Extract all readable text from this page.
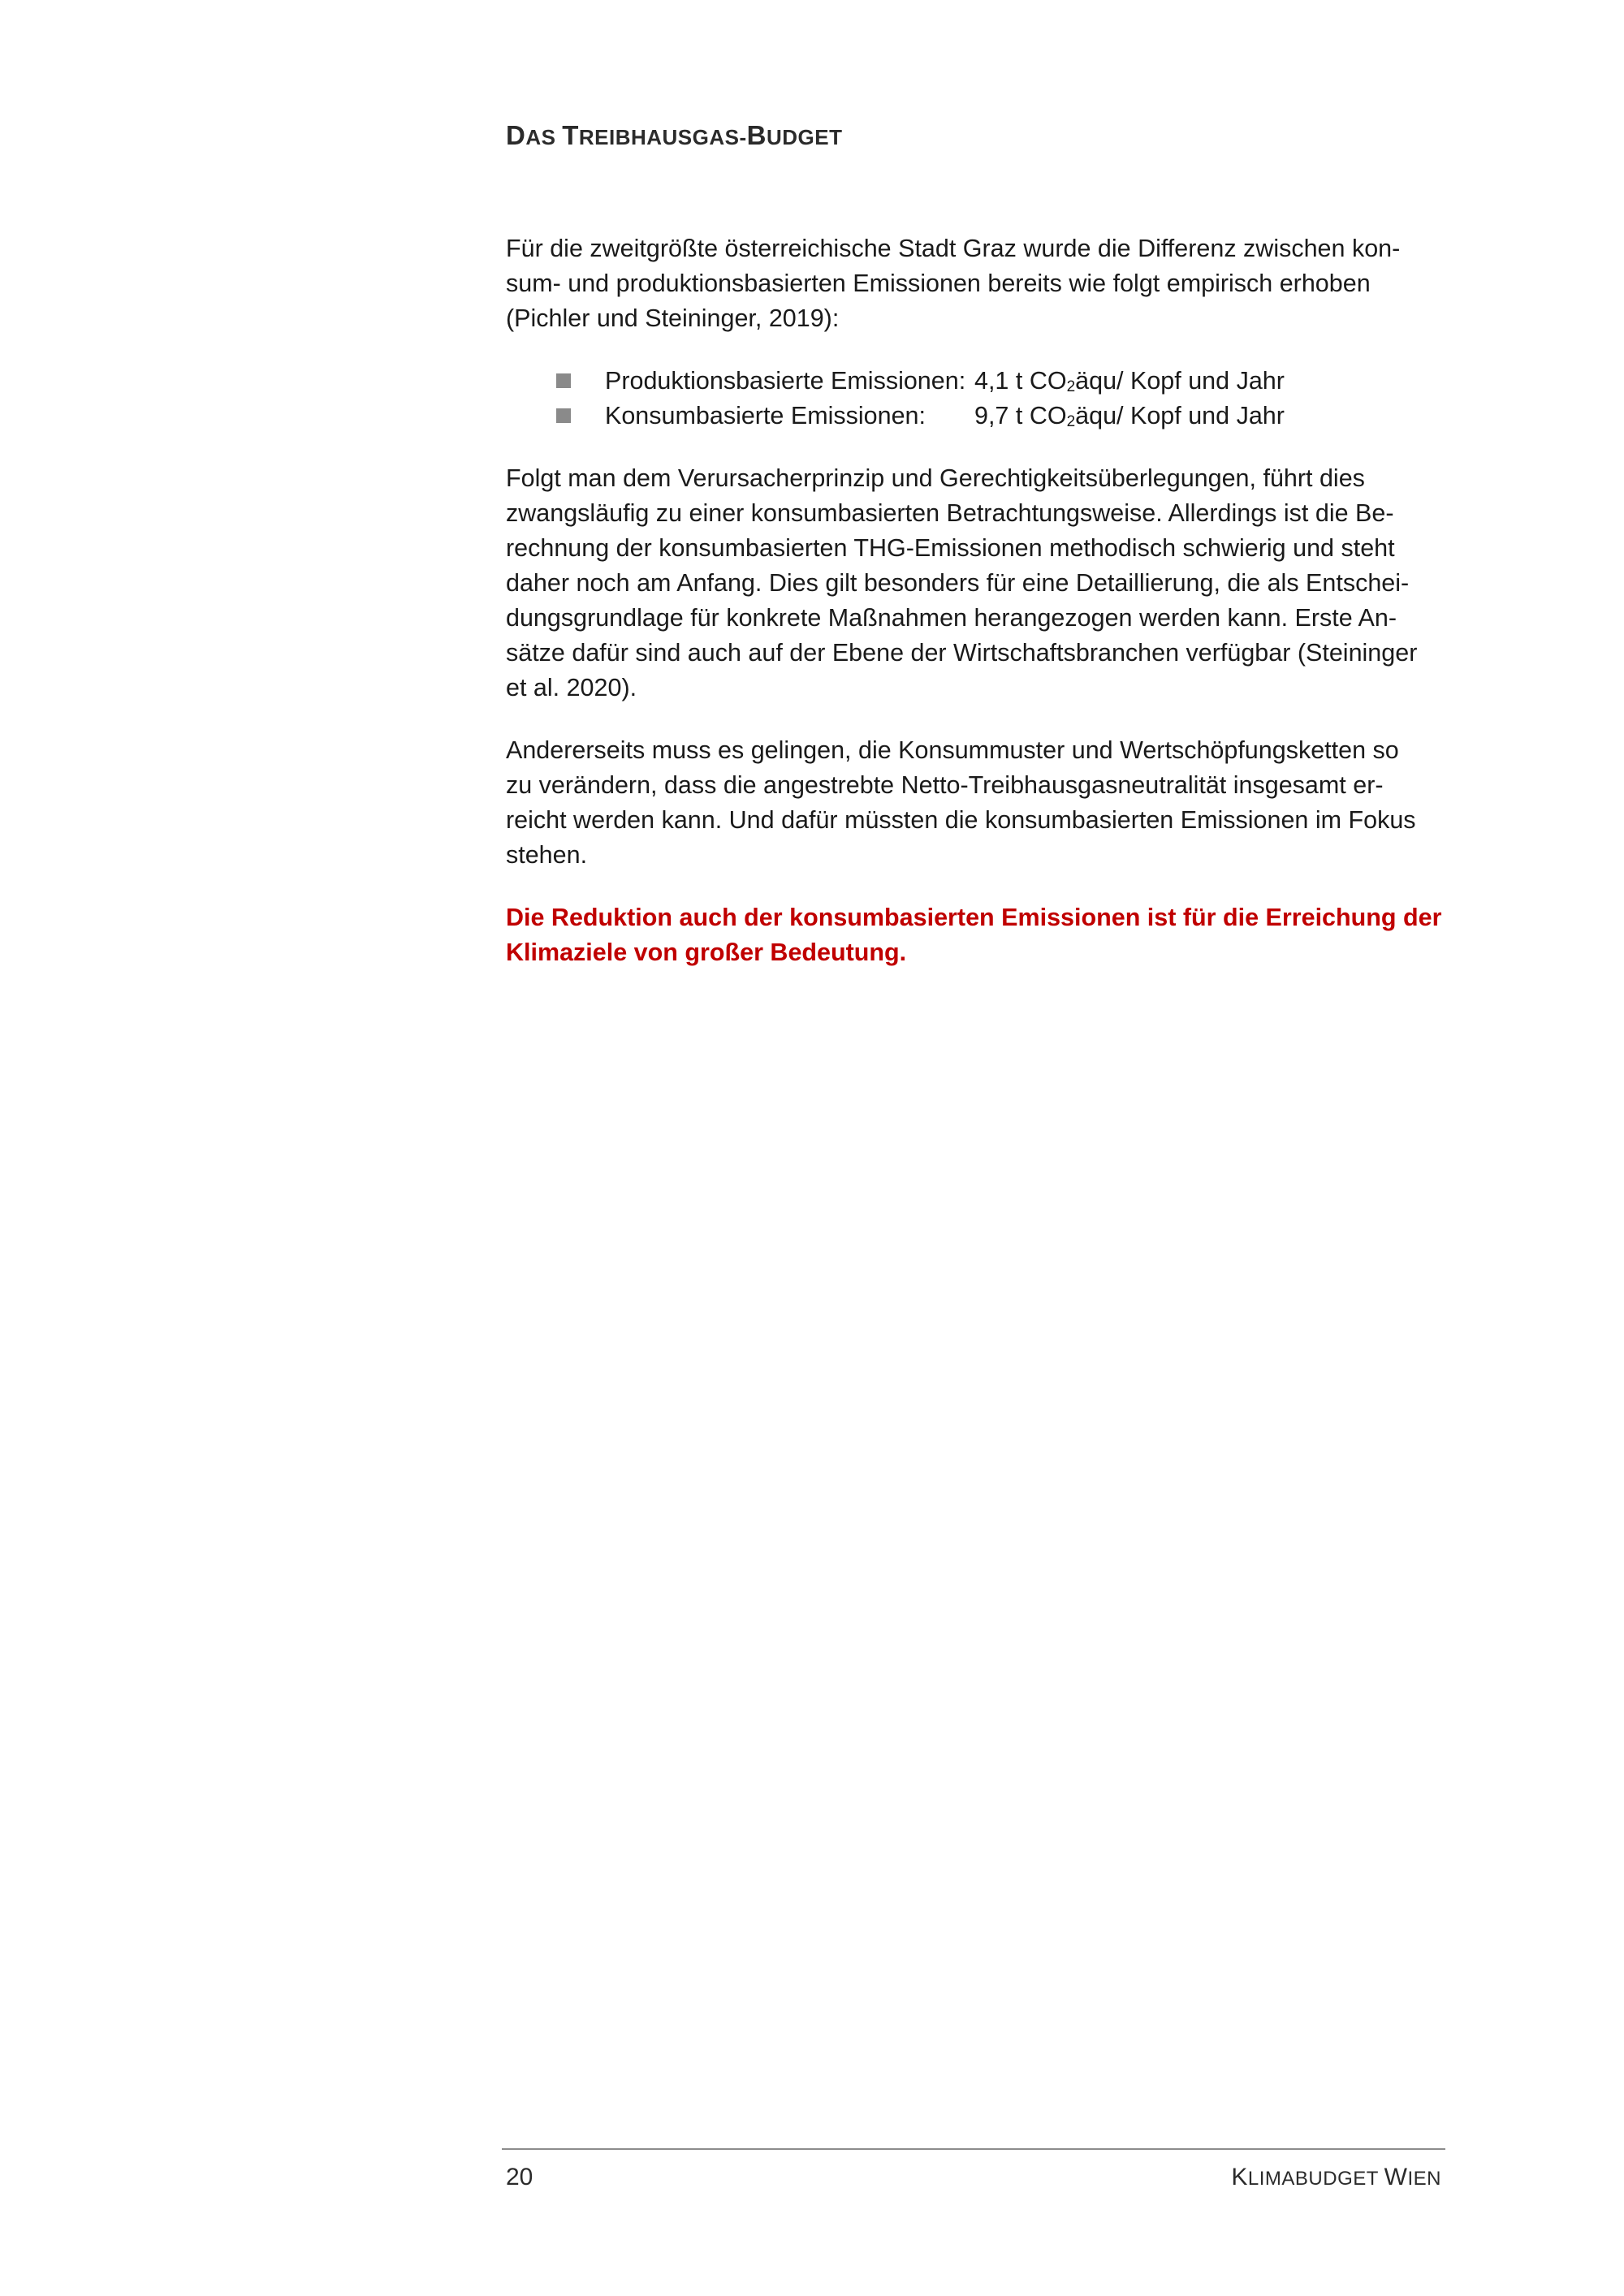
DAS TREIBHAUSGAS-BUDGET

Für die zweitgrößte österreichische Stadt Graz wurde die Differenz zwischen kon-
sum- und produktionsbasierten Emissionen bereits wie folgt empirisch erhoben
(Pichler und Steininger, 2019):

Produktionsbasierte Emissionen: 4,1 t $CO_2äqu/$ Kopf und Jahr
Konsumbasierte Emissionen: 9,7 t $CO_2äqu/$ Kopf und Jahr

Folgt man dem Verursacherprinzip und Gerechtigkeitsüberlegungen, führt dies
zwangsläufig zu einer konsumbasierten Betrachtungsweise. Allerdings ist die Be-
rechnung der konsumbasierten THG-Emissionen methodisch schwierig und steht
daher noch am Anfang. Dies gilt besonders für eine Detaillierung, die als Entschei-
dungsgrundlage für konkrete Maßnahmen herangezogen werden kann. Erste An-
sätze dafür sind auch auf der Ebene der Wirtschaftsbranchen verfügbar (Steininger
et al. 2020).

Andererseits muss es gelingen, die Konsummuster und Wertschöpfungsketten so
zu verändern, dass die angestrebte Netto-Treibhausgasneutralität insgesamt er-
reicht werden kann. Und dafür müssten die konsumbasierten Emissionen im Fokus
stehen.

Die Reduktion auch der konsumbasierten Emissionen ist für die Erreichung der
Klimaziele von großer Bedeutung.

20	KLIMABUDGET WIEN
